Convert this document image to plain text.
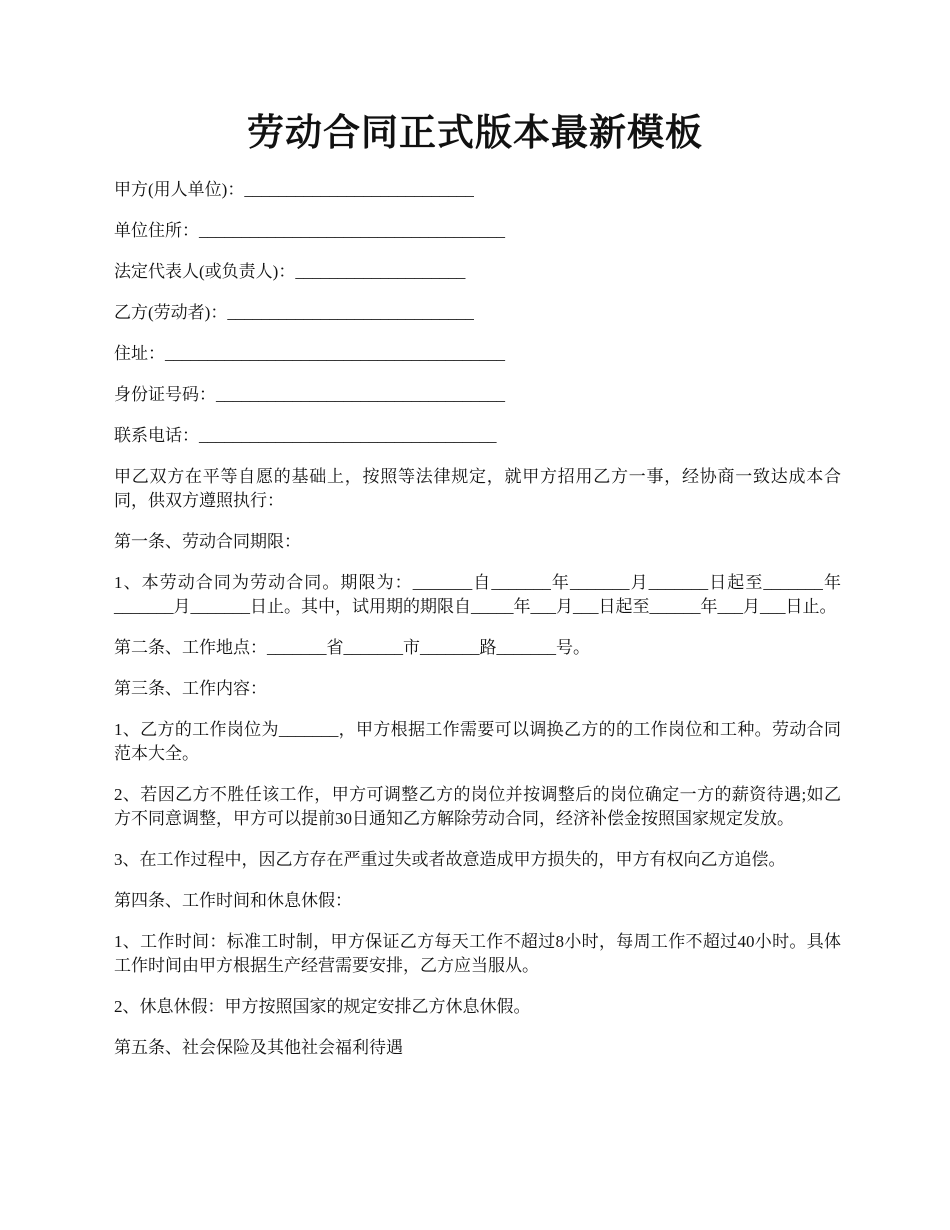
劳动合同正式版本最新模板

甲方(用人单位)：___________________________

单位住所：____________________________________

法定代表人(或负责人)：____________________

乙方(劳动者)：_____________________________

住址：________________________________________

身份证号码：__________________________________

联系电话：___________________________________

甲乙双方在平等自愿的基础上，按照等法律规定，就甲方招用乙方一事，经协商一致达成本合同，供双方遵照执行：

第一条、劳动合同期限：

1、本劳动合同为劳动合同。期限为：_______自_______年_______月_______日起至_______年_______月_______日止。其中，试用期的期限自_____年___月___日起至______年___月___日止。

第二条、工作地点：_______省_______市_______路_______号。

第三条、工作内容：

1、乙方的工作岗位为_______，甲方根据工作需要可以调换乙方的的工作岗位和工种。劳动合同范本大全。

2、若因乙方不胜任该工作，甲方可调整乙方的岗位并按调整后的岗位确定一方的薪资待遇;如乙方不同意调整，甲方可以提前30日通知乙方解除劳动合同，经济补偿金按照国家规定发放。

3、在工作过程中，因乙方存在严重过失或者故意造成甲方损失的，甲方有权向乙方追偿。

第四条、工作时间和休息休假：

1、工作时间：标准工时制，甲方保证乙方每天工作不超过8小时，每周工作不超过40小时。具体工作时间由甲方根据生产经营需要安排，乙方应当服从。

2、休息休假：甲方按照国家的规定安排乙方休息休假。

第五条、社会保险及其他社会福利待遇
